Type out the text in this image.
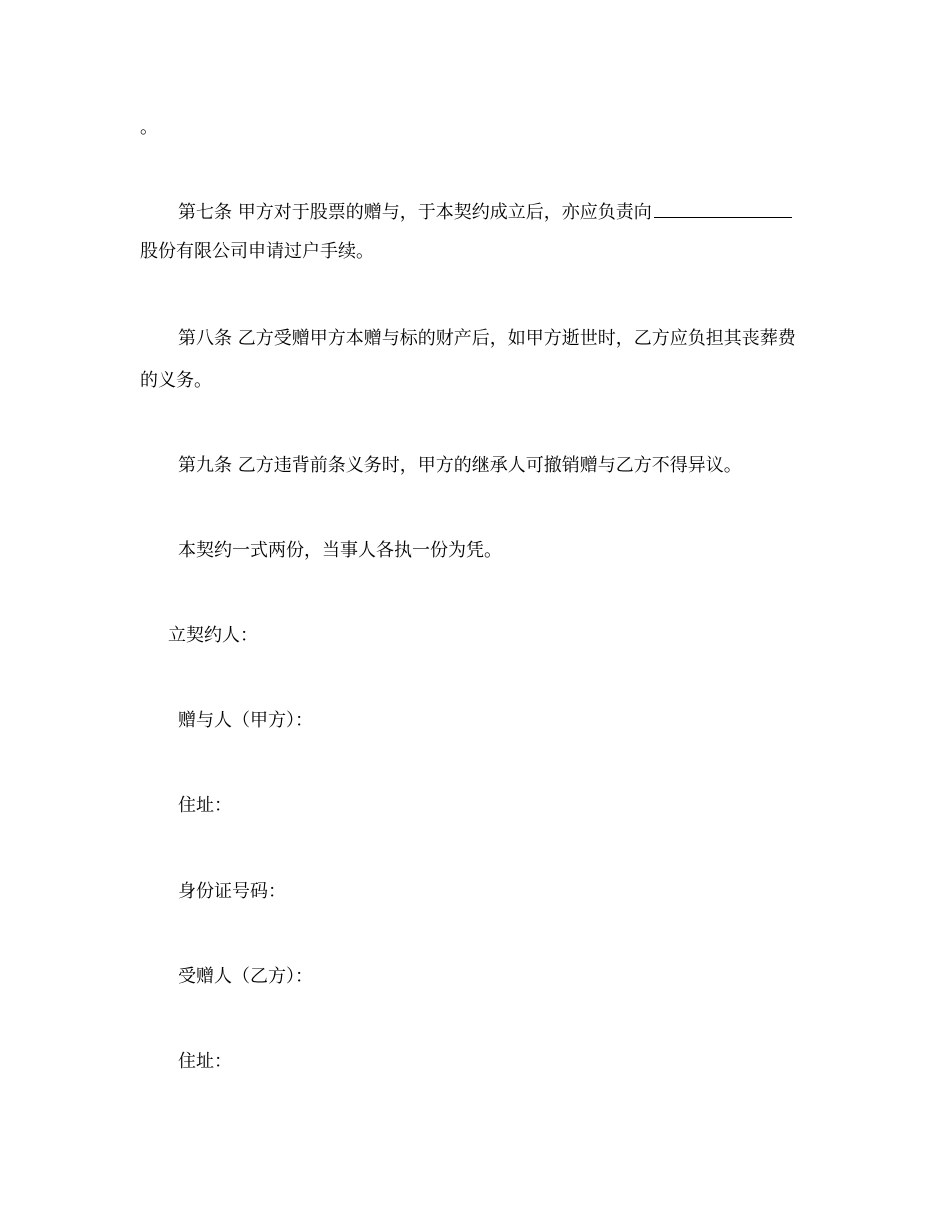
。
第七条 甲方对于股票的赠与，于本契约成立后，亦应负责向
股份有限公司申请过户手续。
第八条 乙方受赠甲方本赠与标的财产后，如甲方逝世时，乙方应负担其丧葬费
的义务。
第九条 乙方违背前条义务时，甲方的继承人可撤销赠与乙方不得异议。
本契约一式两份，当事人各执一份为凭。
立契约人：
赠与人（甲方）：
住址：
身份证号码：
受赠人（乙方）：
住址：
